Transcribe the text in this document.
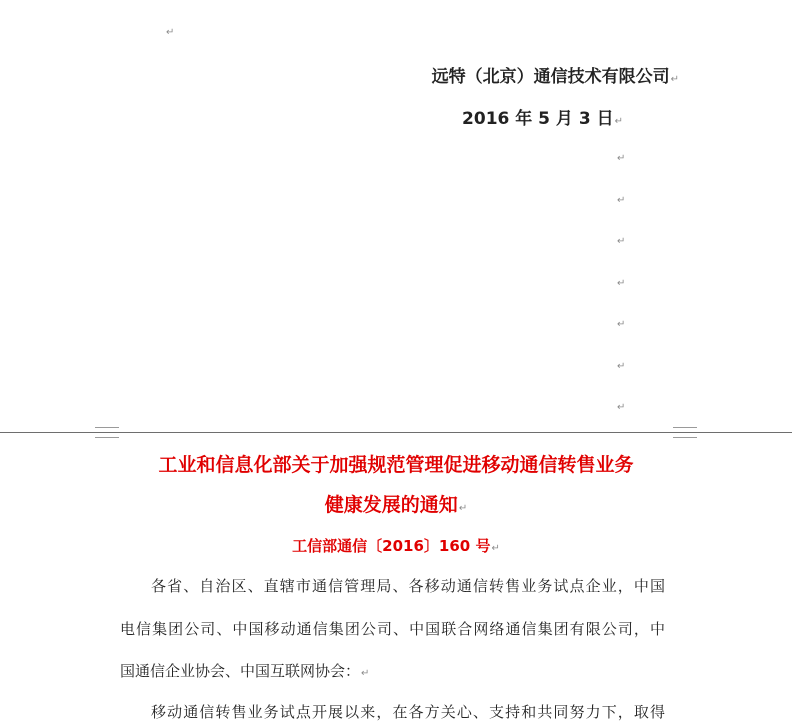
↵
远特（北京）通信技术有限公司↵
2016 年 5 月 3 日↵
↵
↵
↵
↵
↵
↵
↵
工业和信息化部关于加强规范管理促进移动通信转售业务
健康发展的通知↵
工信部通信〔2016〕160 号↵
各省、自治区、直辖市通信管理局、各移动通信转售业务试点企业，中国
电信集团公司、中国移动通信集团公司、中国联合网络通信集团有限公司，中
国通信企业协会、中国互联网协会：↵
移动通信转售业务试点开展以来，在各方关心、支持和共同努力下，取得
